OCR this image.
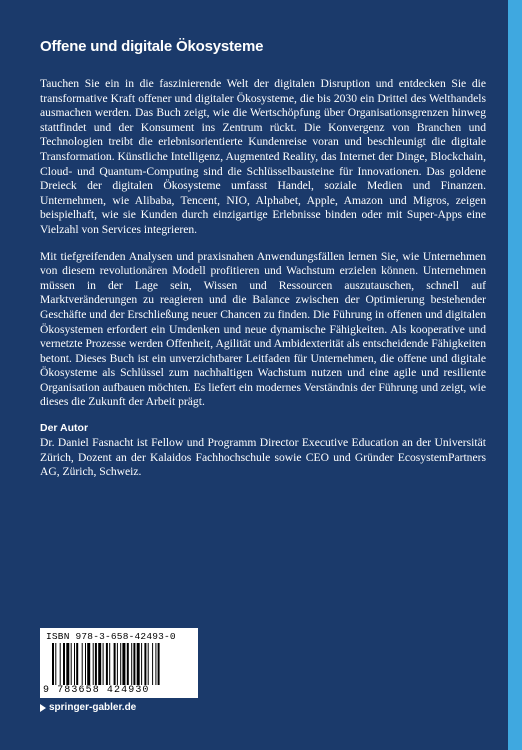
Offene und digitale Ökosysteme

Tauchen Sie ein in die faszinierende Welt der digitalen Disruption und entdecken Sie die transformative Kraft offener und digitaler Ökosysteme, die bis 2030 ein Drittel des Welthandels ausmachen werden. Das Buch zeigt, wie die Wertschöpfung über Organisationsgrenzen hinweg stattfindet und der Konsument ins Zentrum rückt. Die Konvergenz von Branchen und Technologien treibt die erlebnisorientierte Kundenreise voran und beschleunigt die digitale Transformation. Künstliche Intelligenz, Augmented Reality, das Internet der Dinge, Blockchain, Cloud- und Quantum-Computing sind die Schlüsselbausteine für Innovationen. Das goldene Dreieck der digitalen Ökosysteme umfasst Handel, soziale Medien und Finanzen. Unternehmen, wie Alibaba, Tencent, NIO, Alphabet, Apple, Amazon und Migros, zeigen beispielhaft, wie sie Kunden durch einzigartige Erlebnisse binden oder mit Super-Apps eine Vielzahl von Services integrieren.

Mit tiefgreifenden Analysen und praxisnahen Anwendungsfällen lernen Sie, wie Unternehmen von diesem revolutionären Modell profitieren und Wachstum erzielen können. Unternehmen müssen in der Lage sein, Wissen und Ressourcen auszutauschen, schnell auf Marktveränderungen zu reagieren und die Balance zwischen der Optimierung bestehender Geschäfte und der Erschließung neuer Chancen zu finden. Die Führung in offenen und digitalen Ökosystemen erfordert ein Umdenken und neue dynamische Fähigkeiten. Als kooperative und vernetzte Prozesse werden Offenheit, Agilität und Ambidexterität als entscheidende Fähigkeiten betont. Dieses Buch ist ein unverzichtbarer Leitfaden für Unternehmen, die offene und digitale Ökosysteme als Schlüssel zum nachhaltigen Wachstum nutzen und eine agile und resiliente Organisation aufbauen möchten. Es liefert ein modernes Verständnis der Führung und zeigt, wie dieses die Zukunft der Arbeit prägt.

Der Autor

Dr. Daniel Fasnacht ist Fellow und Programm Director Executive Education an der Universität Zürich, Dozent an der Kalaidos Fachhochschule sowie CEO und Gründer EcosystemPartners AG, Zürich, Schweiz.

ISBN 978-3-658-42493-0
9 783658 424930
springer-gabler.de
